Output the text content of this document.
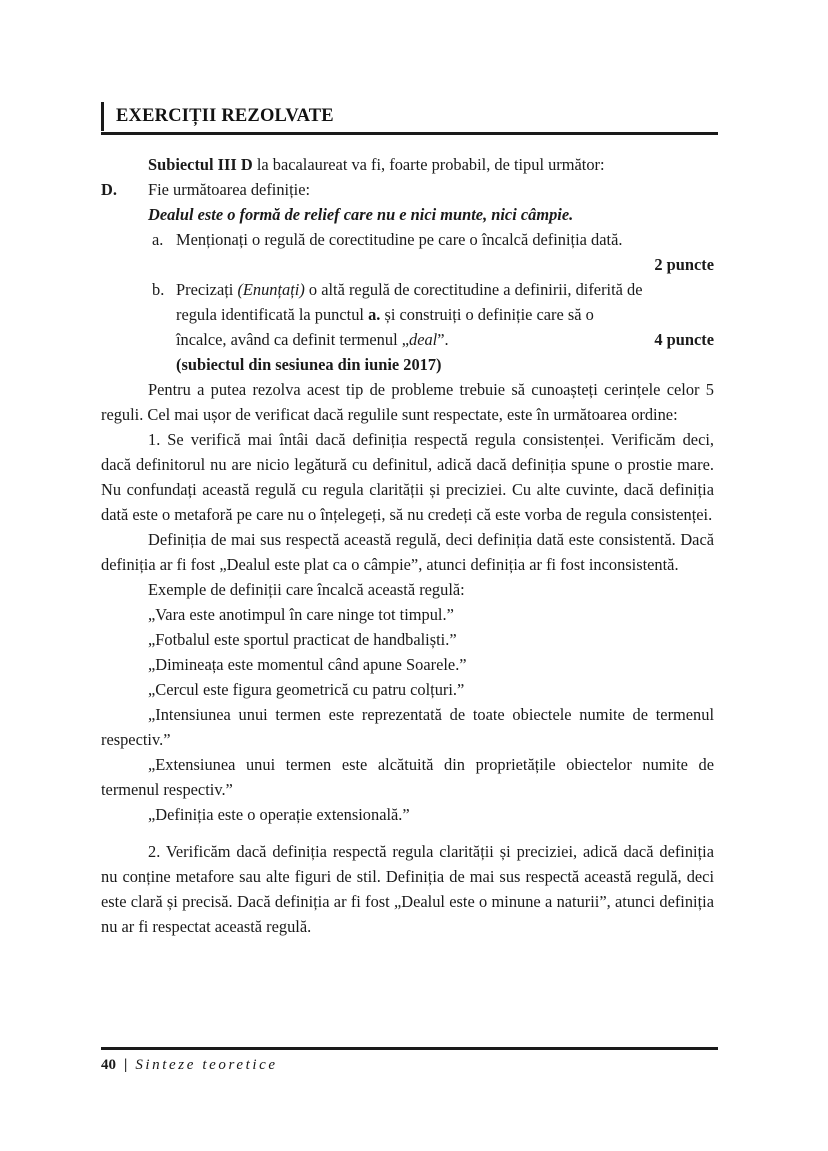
EXERCIȚII REZOLVATE

Subiectul III D la bacalaureat va fi, foarte probabil, de tipul următor:

D.	Fie următoarea definiție:

Dealul este o formă de relief care nu e nici munte, nici câmpie.

a. Menționați o regulă de corectitudine pe care o încalcă definiția dată.
2 puncte
b. Precizați (Enunțați) o altă regulă de corectitudine a definirii, diferită de
regula identificată la punctul a. și construiți o definiție care să o
încalce, având ca definit termenul „deal”.	4 puncte
(subiectul din sesiunea din iunie 2017)

Pentru a putea rezolva acest tip de probleme trebuie să cunoașteți cerințele celor 5 reguli. Cel mai ușor de verificat dacă regulile sunt respectate, este în următoarea ordine:

1. Se verifică mai întâi dacă definiția respectă regula consistenței. Verificăm deci, dacă definitorul nu are nicio legătură cu definitul, adică dacă definiția spune o prostie mare. Nu confundați această regulă cu regula clarității și preciziei. Cu alte cuvinte, dacă definiția dată este o metaforă pe care nu o înțelegeți, să nu credeți că este vorba de regula consistenței.

Definiția de mai sus respectă această regulă, deci definiția dată este consistentă. Dacă definiția ar fi fost „Dealul este plat ca o câmpie”, atunci definiția ar fi fost inconsistentă.

Exemple de definiții care încalcă această regulă:

„Vara este anotimpul în care ninge tot timpul.”

„Fotbalul este sportul practicat de handbaliști.”

„Dimineața este momentul când apune Soarele.”

„Cercul este figura geometrică cu patru colțuri.”

„Intensiunea unui termen este reprezentată de toate obiectele numite de termenul respectiv.”

„Extensiunea unui termen este alcătuită din proprietățile obiectelor numite de termenul respectiv.”

„Definiția este o operație extensională.”

2. Verificăm dacă definiția respectă regula clarității și preciziei, adică dacă definiția nu conține metafore sau alte figuri de stil. Definiția de mai sus respectă această regulă, deci este clară și precisă. Dacă definiția ar fi fost „Dealul este o minune a naturii”, atunci definiția nu ar fi respectat această regulă.

40 | Sinteze teoretice
